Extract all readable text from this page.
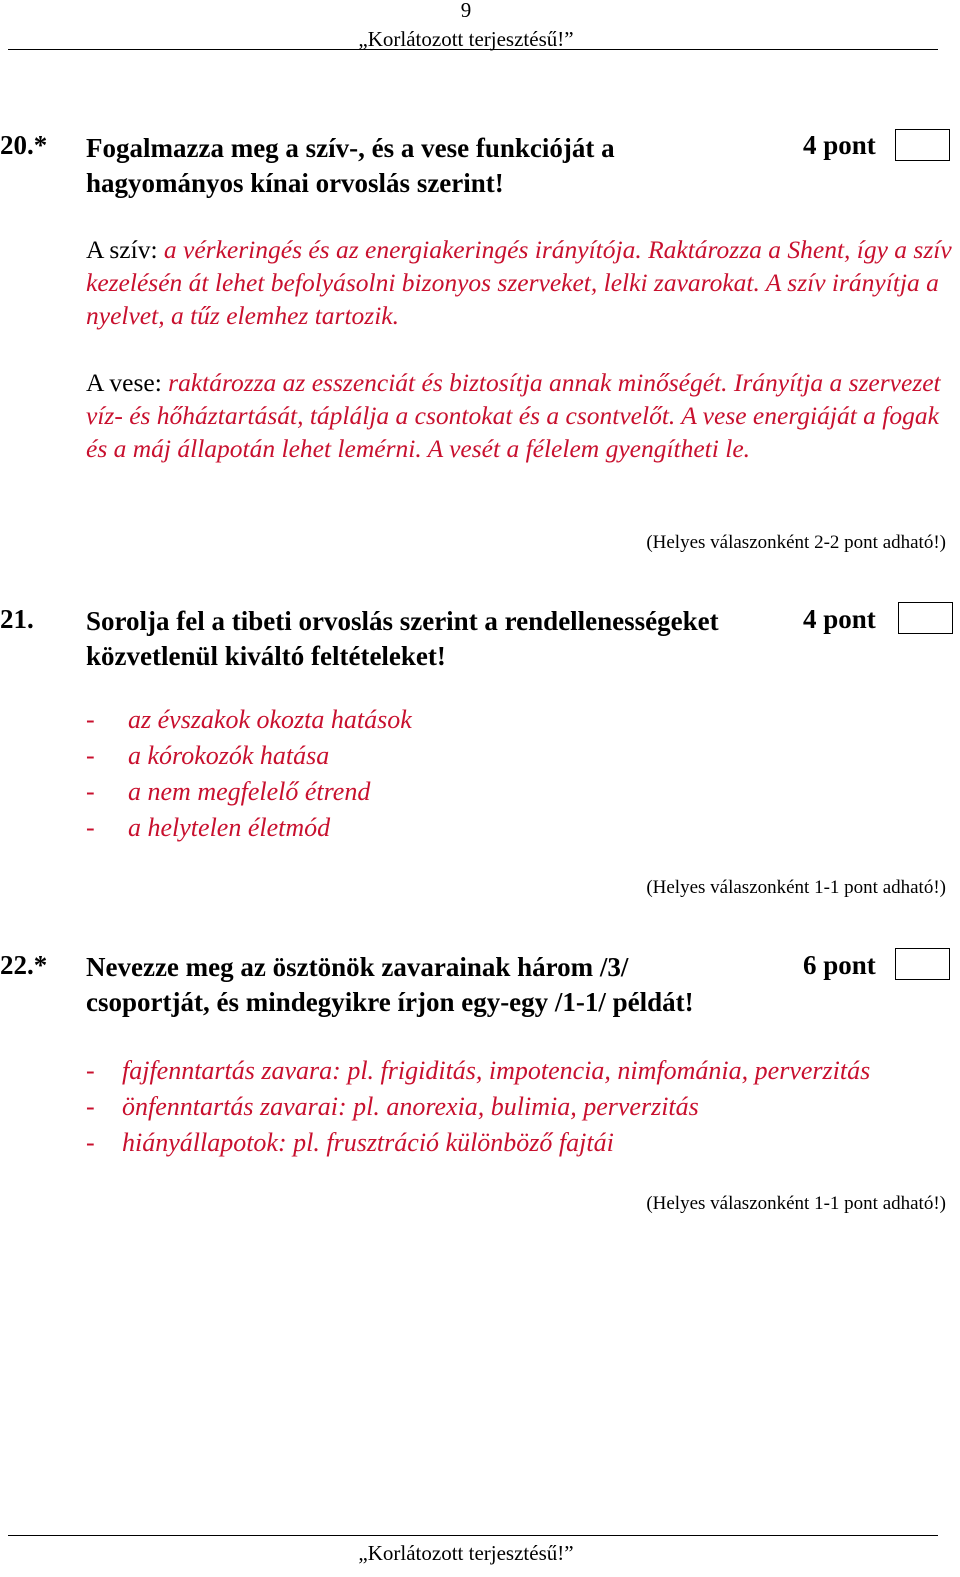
9
„Korlátozott terjesztésű!”
20.* Fogalmazza meg a szív-, és a vese funkcióját a
hagyományos kínai orvoslás szerint!
4 pont
A szív: a vérkeringés és az energiakeringés irányítója. Raktározza a Shent, így a szív kezelésén át lehet befolyásolni bizonyos szerveket, lelki zavarokat. A szív irányítja a nyelvet, a tűz elemhez tartozik.
A vese: raktározza az esszenciát és biztosítja annak minőségét. Irányítja a szervezet víz- és hőháztartását, táplálja a csontokat és a csontvelőt. A vese energiáját a fogak és a máj állapotán lehet lemérni. A vesét a félelem gyengítheti le.
(Helyes válaszonként 2-2 pont adható!)
21. Sorolja fel a tibeti orvoslás szerint a rendellenességeket
közvetlenül kiváltó feltételeket!
4 pont
-	az évszakok okozta hatások
-	a kórokozók hatása
-	a nem megfelelő étrend
-	a helytelen életmód
(Helyes válaszonként 1-1 pont adható!)
22.* Nevezze meg az ösztönök zavarainak három /3/
csoportját, és mindegyikre írjon egy-egy /1-1/ példát!
6 pont
-	fajfenntartás zavara: pl. frigiditás, impotencia, nimfománia, perverzitás
-	önfenntartás zavarai: pl. anorexia, bulimia, perverzitás
-	hiányállapotok: pl. frusztráció különböző fajtái
(Helyes válaszonként 1-1 pont adható!)
„Korlátozott terjesztésű!”
